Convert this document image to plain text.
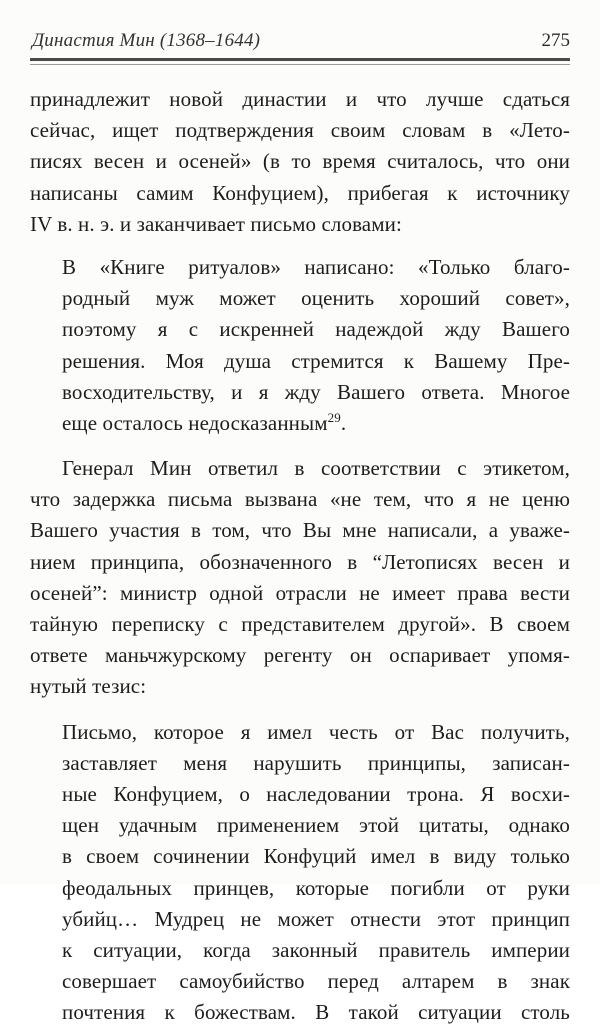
Династия Мин (1368–1644)	275
принадлежит новой династии и что лучше сдаться
сейчас, ищет подтверждения своим словам в «Лето-
писях весен и осеней» (в то время считалось, что они
написаны самим Конфуцием), прибегая к источнику
IV в. н. э. и заканчивает письмо словами:
В «Книге ритуалов» написано: «Только благо-
родный муж может оценить хороший совет»,
поэтому я с искренней надеждой жду Вашего
решения. Моя душа стремится к Вашему Пре-
восходительству, и я жду Вашего ответа. Многое
еще осталось недосказанным$^{29}$.
Генерал Мин ответил в соответствии с этикетом,
что задержка письма вызвана «не тем, что я не ценю
Вашего участия в том, что Вы мне написали, а уваже-
нием принципа, обозначенного в “Летописях весен и
осеней”: министр одной отрасли не имеет права вести
тайную переписку с представителем другой». В своем
ответе маньчжурскому регенту он оспаривает упомя-
нутый тезис:
Письмо, которое я имел честь от Вас получить,
заставляет меня нарушить принципы, записан-
ные Конфуцием, о наследовании трона. Я восхи-
щен удачным применением этой цитаты, однако
в своем сочинении Конфуций имел в виду только
феодальных принцев, которые погибли от руки
убийц… Мудрец не может отнести этот принцип
к ситуации, когда законный правитель империи
совершает самоубийство перед алтарем в знак
почтения к божествам. В такой ситуации столь
